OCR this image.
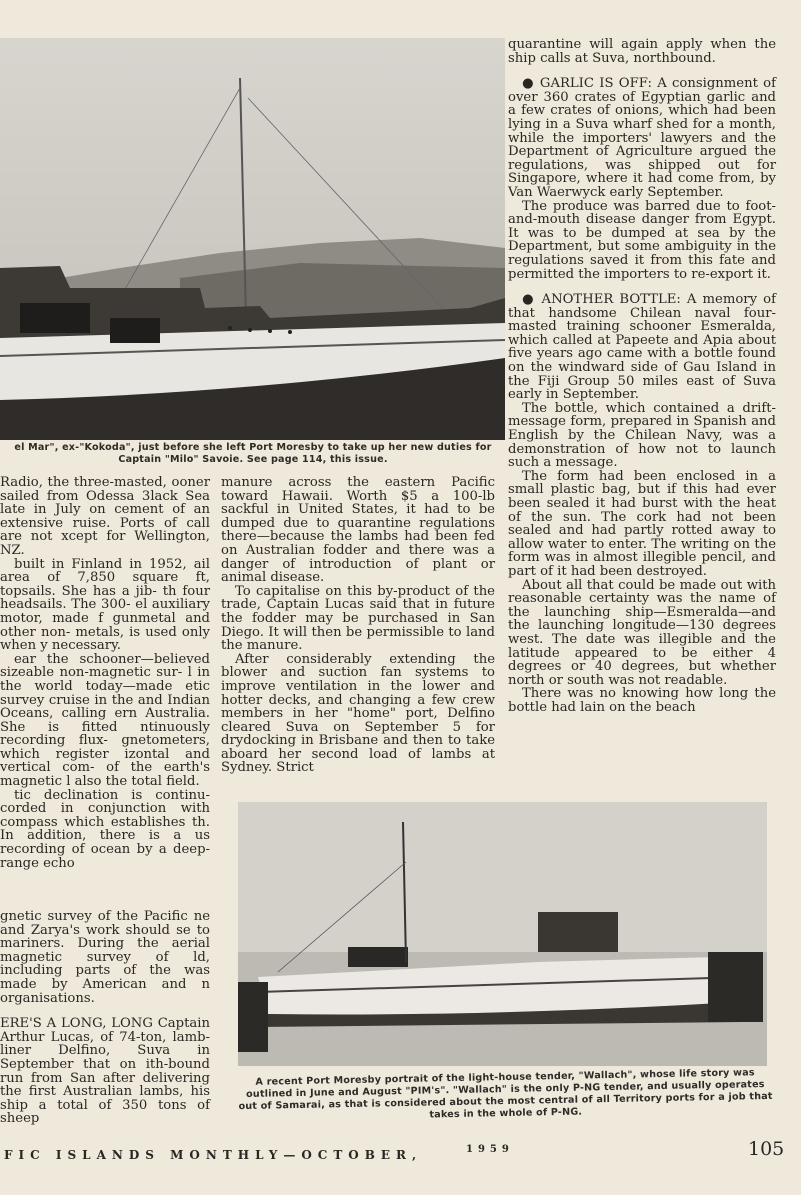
el Mar", ex-"Kokoda", just before she left Port Moresby to take up her new duties for Captain "Milo" Savoie. See page 114, this issue.

Radio, the three-masted, ooner sailed from Odessa 3lack Sea late in July on cement of an extensive ruise. Ports of call are not xcept for Wellington, NZ.

built in Finland in 1952, ail area of 7,850 square ft, topsails. She has a jib- th four headsails. The 300- el auxiliary motor, made f gunmetal and other non- metals, is used only when y necessary.

ear the schooner—believed sizeable non-magnetic sur- l in the world today—made etic survey cruise in the and Indian Oceans, calling ern Australia. She is fitted ntinuously recording flux- gnetometers, which register izontal and vertical com- of the earth's magnetic l also the total field.

tic declination is continu- corded in conjunction with compass which establishes th. In addition, there is a us recording of ocean by a deep-range echo

gnetic survey of the Pacific ne and Zarya's work should se to mariners. During the aerial magnetic survey of ld, including parts of the was made by American and n organisations.

ERE'S A LONG, LONG Captain Arthur Lucas, of 74-ton, lamb-liner Delfino, Suva in September that on ith-bound run from San after delivering the first Australian lambs, his ship a total of 350 tons of sheep

manure across the eastern Pacific toward Hawaii. Worth $5 a 100-lb sackful in United States, it had to be dumped due to quarantine regulations there—because the lambs had been fed on Australian fodder and there was a danger of introduction of plant or animal disease.

To capitalise on this by-product of the trade, Captain Lucas said that in future the fodder may be purchased in San Diego. It will then be permissible to land the manure.

After considerably extending the blower and suction fan systems to improve ventilation in the lower and hotter decks, and changing a few crew members in her "home" port, Delfino cleared Suva on September 5 for drydocking in Brisbane and then to take aboard her second load of lambs at Sydney. Strict

quarantine will again apply when the ship calls at Suva, northbound.

● GARLIC IS OFF: A consignment of over 360 crates of Egyptian garlic and a few crates of onions, which had been lying in a Suva wharf shed for a month, while the importers' lawyers and the Department of Agriculture argued the regulations, was shipped out for Singapore, where it had come from, by Van Waerwyck early September.

The produce was barred due to foot-and-mouth disease danger from Egypt. It was to be dumped at sea by the Department, but some ambiguity in the regulations saved it from this fate and permitted the importers to re-export it.

● ANOTHER BOTTLE: A memory of that handsome Chilean naval four-masted training schooner Esmeralda, which called at Papeete and Apia about five years ago came with a bottle found on the windward side of Gau Island in the Fiji Group 50 miles east of Suva early in September.

The bottle, which contained a drift-message form, prepared in Spanish and English by the Chilean Navy, was a demonstration of how not to launch such a message.

The form had been enclosed in a small plastic bag, but if this had ever been sealed it had burst with the heat of the sun. The cork had not been sealed and had partly rotted away to allow water to enter. The writing on the form was in almost illegible pencil, and part of it had been destroyed.

About all that could be made out with reasonable certainty was the name of the launching ship—Esmeralda—and the launching longitude—130 degrees west. The date was illegible and the latitude appeared to be either 4 degrees or 40 degrees, but whether north or south was not readable.

There was no knowing how long the bottle had lain on the beach

A recent Port Moresby portrait of the light-house tender, "Wallach", whose life story was outlined in June and August "PIM's". "Wallach" is the only P-NG tender, and usually operates out of Samarai, as that is considered about the most central of all Territory ports for a job that takes in the whole of P-NG.
FIC ISLANDS MONTHLY—OCTOBER,	1959	105
